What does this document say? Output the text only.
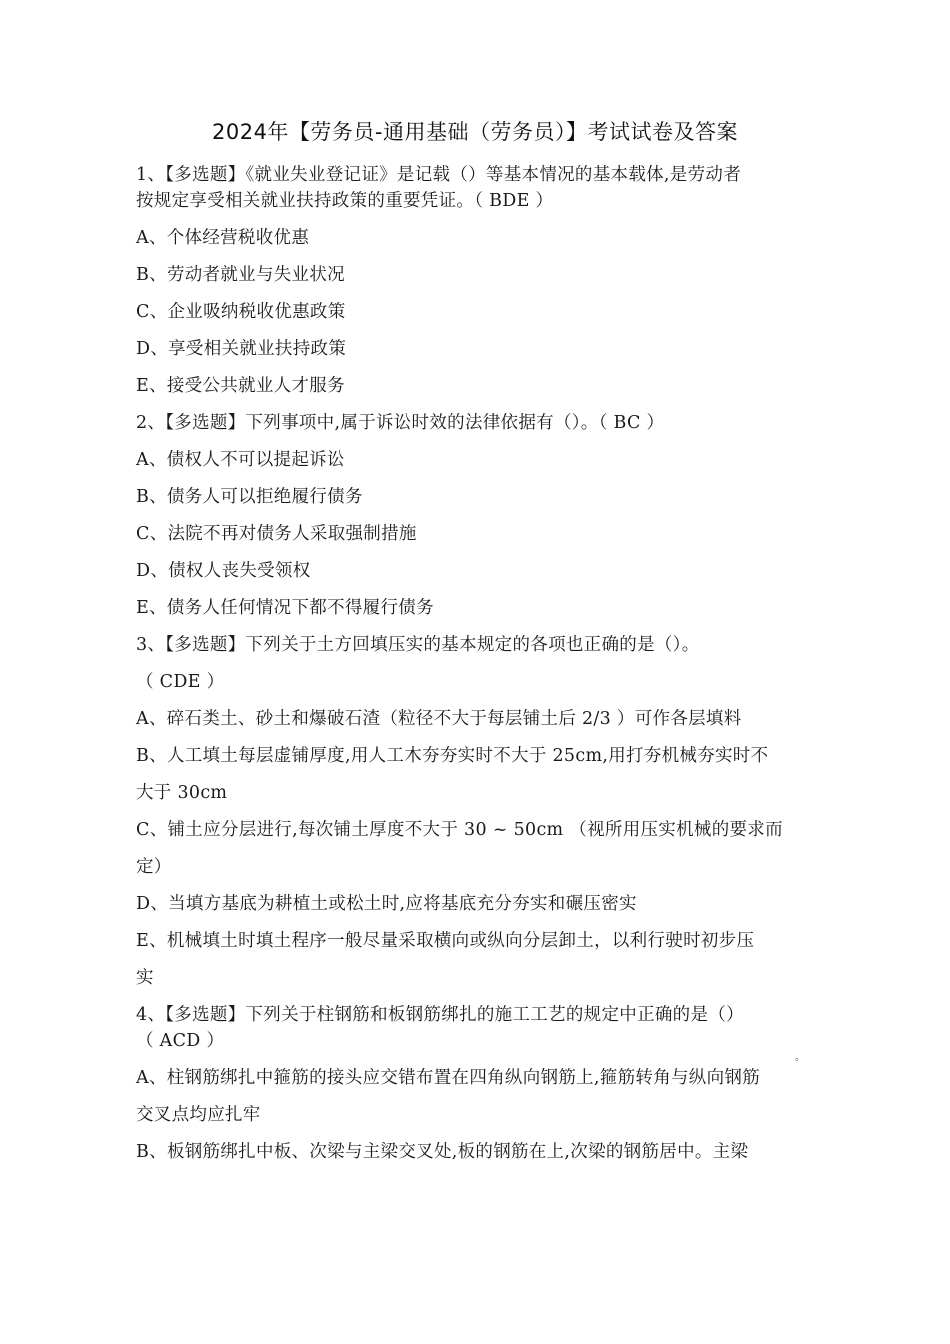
2024年【劳务员-通用基础（劳务员）】考试试卷及答案
1、【多选题】《就业失业登记证》是记载（）等基本情况的基本载体,是劳动者
按规定享受相关就业扶持政策的重要凭证。（ BDE ）
A、个体经营税收优惠
B、劳动者就业与失业状况
C、企业吸纳税收优惠政策
D、享受相关就业扶持政策
E、接受公共就业人才服务
2、【多选题】下列事项中,属于诉讼时效的法律依据有（）。（ BC ）
A、债权人不可以提起诉讼
B、债务人可以拒绝履行债务
C、法院不再对债务人采取强制措施
D、债权人丧失受领权
E、债务人任何情况下都不得履行债务
3、【多选题】下列关于土方回填压实的基本规定的各项也正确的是（）。
（ CDE ）
A、碎石类土、砂土和爆破石渣（粒径不大于每层铺土后 2/3 ）可作各层填料
B、人工填土每层虚铺厚度,用人工木夯夯实时不大于 25cm,用打夯机械夯实时不
大于 30cm
C、铺土应分层进行,每次铺土厚度不大于 30 ~ 50cm （视所用压实机械的要求而
定）
D、当填方基底为耕植土或松土时,应将基底充分夯实和碾压密实
E、机械填土时填土程序一般尽量采取横向或纵向分层卸土，以利行驶时初步压
实
4、【多选题】下列关于柱钢筋和板钢筋绑扎的施工工艺的规定中正确的是（）
（ ACD ）
A、柱钢筋绑扎中箍筋的接头应交错布置在四角纵向钢筋上,箍筋转角与纵向钢筋
交叉点均应扎牢
B、板钢筋绑扎中板、次梁与主梁交叉处,板的钢筋在上,次梁的钢筋居中。主梁
。
